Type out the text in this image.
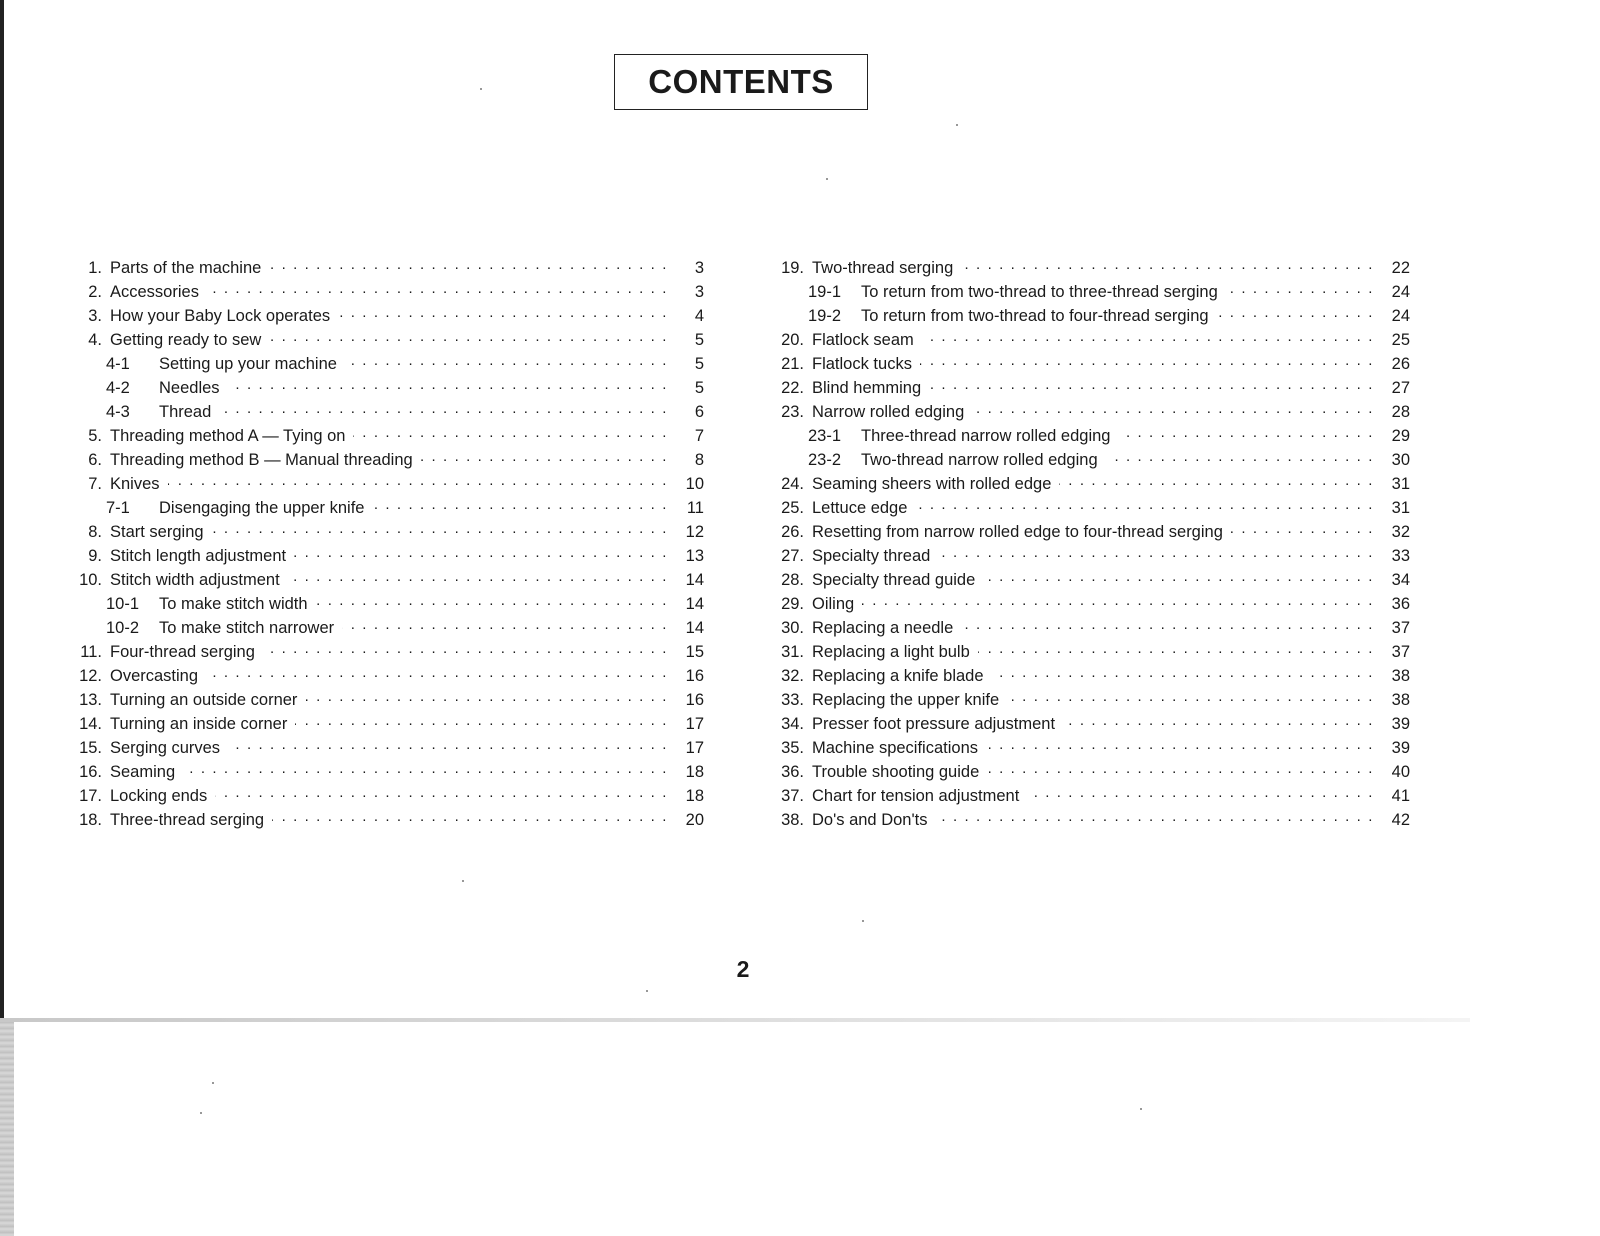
CONTENTS
1. Parts of the machine . . .	3
2. Accessories . . .	3
3. How your Baby Lock operates . . .	4
4. Getting ready to sew . . .	5
4-1	Setting up your machine . . .	5
4-2	Needles . . .	5
4-3	Thread . . .	6
5. Threading method A — Tying on . . .	7
6. Threading method B — Manual threading . . .	8
7. Knives . . .	10
7-1	Disengaging the upper knife . . .	11
8. Start serging . . .	12
9. Stitch length adjustment . . .	13
10. Stitch width adjustment . . .	14
10-1	To make stitch width . . .	14
10-2	To make stitch narrower . . .	14
11. Four-thread serging . . .	15
12. Overcasting . . .	16
13. Turning an outside corner . . .	16
14. Turning an inside corner . . .	17
15. Serging curves . . .	17
16. Seaming . . .	18
17. Locking ends . . .	18
18. Three-thread serging . . .	20
19. Two-thread serging . . .	22
19-1	To return from two-thread to three-thread serging . . .	24
19-2	To return from two-thread to four-thread serging . . .	24
20. Flatlock seam . . .	25
21. Flatlock tucks . . .	26
22. Blind hemming . . .	27
23. Narrow rolled edging . . .	28
23-1	Three-thread narrow rolled edging . . .	29
23-2	Two-thread narrow rolled edging . . .	30
24. Seaming sheers with rolled edge . . .	31
25. Lettuce edge . . .	31
26. Resetting from narrow rolled edge to four-thread serging . . .	32
27. Specialty thread . . .	33
28. Specialty thread guide . . .	34
29. Oiling . . .	36
30. Replacing a needle . . .	37
31. Replacing a light bulb . . .	37
32. Replacing a knife blade . . .	38
33. Replacing the upper knife . . .	38
34. Presser foot pressure adjustment . . .	39
35. Machine specifications . . .	39
36. Trouble shooting guide . . .	40
37. Chart for tension adjustment . . .	41
38. Do's and Don'ts . . .	42
2
